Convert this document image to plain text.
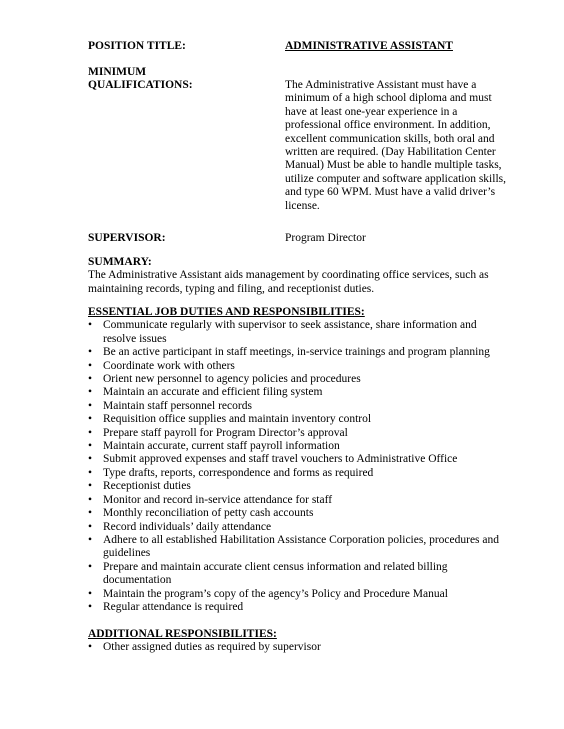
POSITION TITLE:	ADMINISTRATIVE ASSISTANT
MINIMUM
QUALIFICATIONS:	The Administrative Assistant must have a minimum of a high school diploma and must have at least one-year experience in a professional office environment. In addition, excellent communication skills, both oral and written are required. (Day Habilitation Center Manual) Must be able to handle multiple tasks, utilize computer and software application skills, and type 60 WPM. Must have a valid driver’s license.
SUPERVISOR:	Program Director
SUMMARY:
The Administrative Assistant aids management by coordinating office services, such as maintaining records, typing and filing, and receptionist duties.
ESSENTIAL JOB DUTIES AND RESPONSIBILITIES:
• Communicate regularly with supervisor to seek assistance, share information and resolve issues
• Be an active participant in staff meetings, in-service trainings and program planning
• Coordinate work with others
• Orient new personnel to agency policies and procedures
• Maintain an accurate and efficient filing system
• Maintain staff personnel records
• Requisition office supplies and maintain inventory control
• Prepare staff payroll for Program Director’s approval
• Maintain accurate, current staff payroll information
• Submit approved expenses and staff travel vouchers to Administrative Office
• Type drafts, reports, correspondence and forms as required
• Receptionist duties
• Monitor and record in-service attendance for staff
• Monthly reconciliation of petty cash accounts
• Record individuals’ daily attendance
• Adhere to all established Habilitation Assistance Corporation policies, procedures and guidelines
• Prepare and maintain accurate client census information and related billing documentation
• Maintain the program’s copy of the agency’s Policy and Procedure Manual
• Regular attendance is required
ADDITIONAL RESPONSIBILITIES:
• Other assigned duties as required by supervisor
